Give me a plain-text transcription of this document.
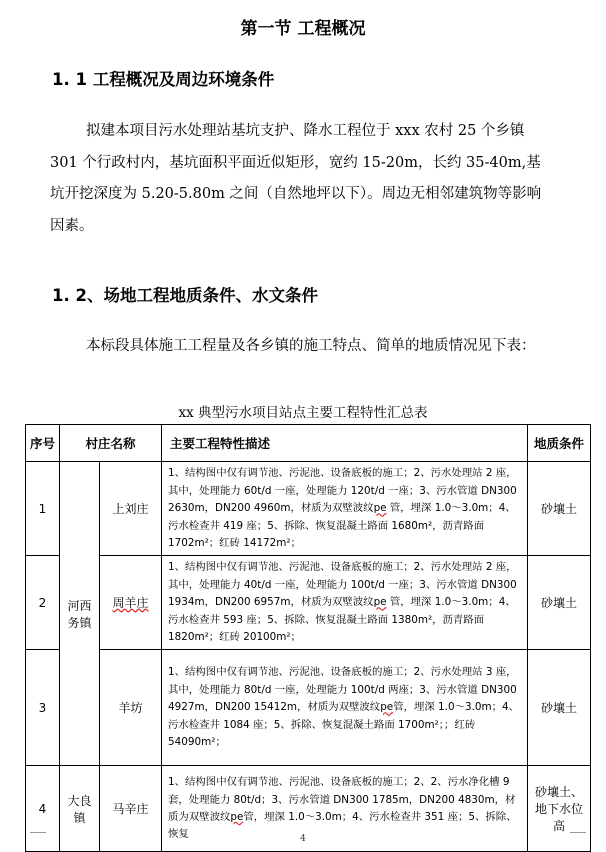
第一节 工程概况
1. 1 工程概况及周边环境条件
拟建本项目污水处理站基坑支护、降水工程位于 xxx 农村 25 个乡镇 301 个行政村内，基坑面积平面近似矩形，宽约 15-20m，长约 35-40m,基坑开挖深度为 5.20-5.80m 之间（自然地坪以下）。周边无相邻建筑物等影响因素。
1. 2、场地工程地质条件、水文条件
本标段具体施工工程量及各乡镇的施工特点、简单的地质情况见下表：
xx 典型污水项目站点主要工程特性汇总表
序号	村庄名称		主要工程特性描述	地质条件
1	河西务镇	上刘庄	1、结构图中仅有调节池、污泥池、设备底板的施工；2、污水处理站 2 座，其中，处理能力 60t/d 一座，处理能力 120t/d 一座；3、污水管道 DN300 2630m，DN200 4960m，材质为双壁波纹pe 管，埋深 1.0～3.0m；4、污水检查井 419 座；5、拆除、恢复混凝土路面 1680m²，沥青路面 1702m²；红砖 14172m²；	砂壤土
2		周羊庄	1、结构图中仅有调节池、污泥池、设备底板的施工；2、污水处理站 2 座，其中，处理能力 40t/d 一座，处理能力 100t/d 一座；3、污水管道 DN300 1934m，DN200 6957m，材质为双壁波纹pe 管，埋深 1.0～3.0m；4、污水检查井 593 座；5、拆除、恢复混凝土路面 1380m²，沥青路面 1820m²；红砖 20100m²；	砂壤土
3		羊坊	1、结构图中仅有调节池、污泥池、设备底板的施工；2、污水处理站 3 座，其中，处理能力 80t/d 一座，处理能力 100t/d 两座；3、污水管道 DN300 4927m，DN200 15412m，材质为双壁波纹pe管，埋深 1.0～3.0m；4、污水检查井 1084 座；5、拆除、恢复混凝土路面 1700m²；；红砖 54090m²；	砂壤土
4	大良镇	马辛庄	1、结构图中仅有调节池、污泥池、设备底板的施工；2、2、污水净化槽 9 套，处理能力 80t/d；3、污水管道 DN300 1785m，DN200 4830m，材质为双壁波纹pe管，埋深 1.0～3.0m；4、污水检查井 351 座；5、拆除、恢复	砂壤土、地下水位高
4
